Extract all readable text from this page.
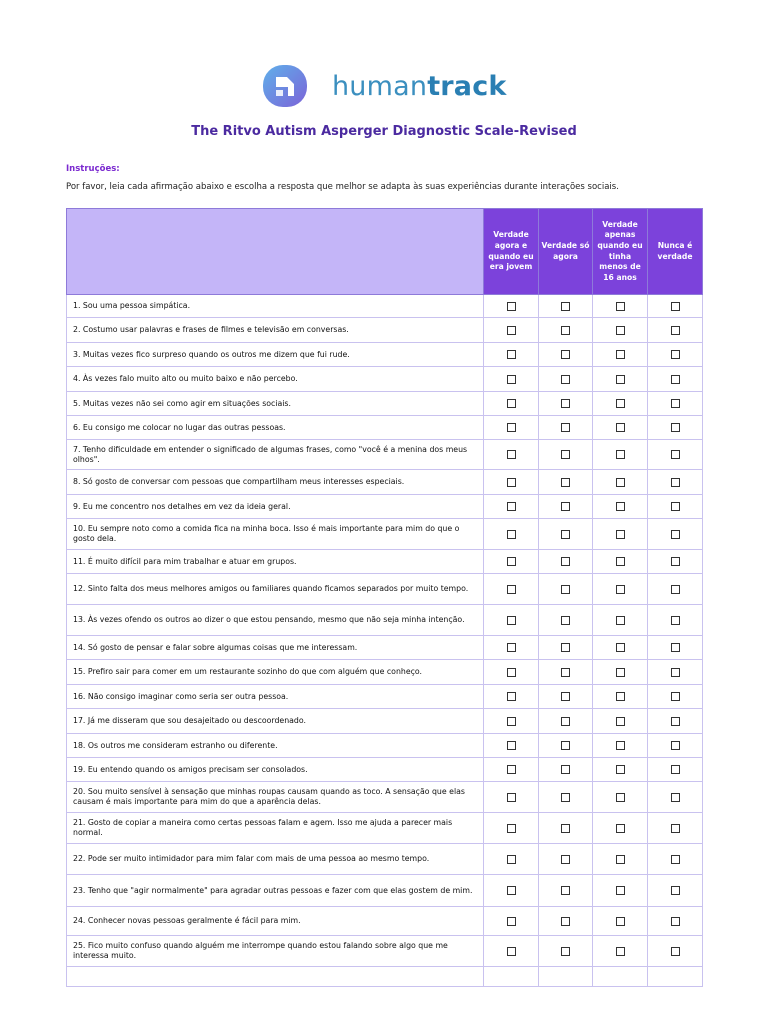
humantrack
The Ritvo Autism Asperger Diagnostic Scale-Revised
Instruções:
Por favor, leia cada afirmação abaixo e escolha a resposta que melhor se adapta às suas experiências durante interações sociais.
	Verdade agora e quando eu era jovem	Verdade só agora	Verdade apenas quando eu tinha menos de 16 anos	Nunca é verdade
1. Sou uma pessoa simpática.				
2. Costumo usar palavras e frases de filmes e televisão em conversas.				
3. Muitas vezes fico surpreso quando os outros me dizem que fui rude.				
4. Às vezes falo muito alto ou muito baixo e não percebo.				
5. Muitas vezes não sei como agir em situações sociais.				
6. Eu consigo me colocar no lugar das outras pessoas.				
7. Tenho dificuldade em entender o significado de algumas frases, como "você é a menina dos meus olhos".				
8. Só gosto de conversar com pessoas que compartilham meus interesses especiais.				
9. Eu me concentro nos detalhes em vez da ideia geral.				
10. Eu sempre noto como a comida fica na minha boca. Isso é mais importante para mim do que o gosto dela.				
11. É muito difícil para mim trabalhar e atuar em grupos.				
12. Sinto falta dos meus melhores amigos ou familiares quando ficamos separados por muito tempo.				
13. Às vezes ofendo os outros ao dizer o que estou pensando, mesmo que não seja minha intenção.				
14. Só gosto de pensar e falar sobre algumas coisas que me interessam.				
15. Prefiro sair para comer em um restaurante sozinho do que com alguém que conheço.				
16. Não consigo imaginar como seria ser outra pessoa.				
17. Já me disseram que sou desajeitado ou descoordenado.				
18. Os outros me consideram estranho ou diferente.				
19. Eu entendo quando os amigos precisam ser consolados.				
20. Sou muito sensível à sensação que minhas roupas causam quando as toco. A sensação que elas causam é mais importante para mim do que a aparência delas.				
21. Gosto de copiar a maneira como certas pessoas falam e agem. Isso me ajuda a parecer mais normal.				
22. Pode ser muito intimidador para mim falar com mais de uma pessoa ao mesmo tempo.				
23. Tenho que "agir normalmente" para agradar outras pessoas e fazer com que elas gostem de mim.				
24. Conhecer novas pessoas geralmente é fácil para mim.				
25. Fico muito confuso quando alguém me interrompe quando estou falando sobre algo que me interessa muito.				
